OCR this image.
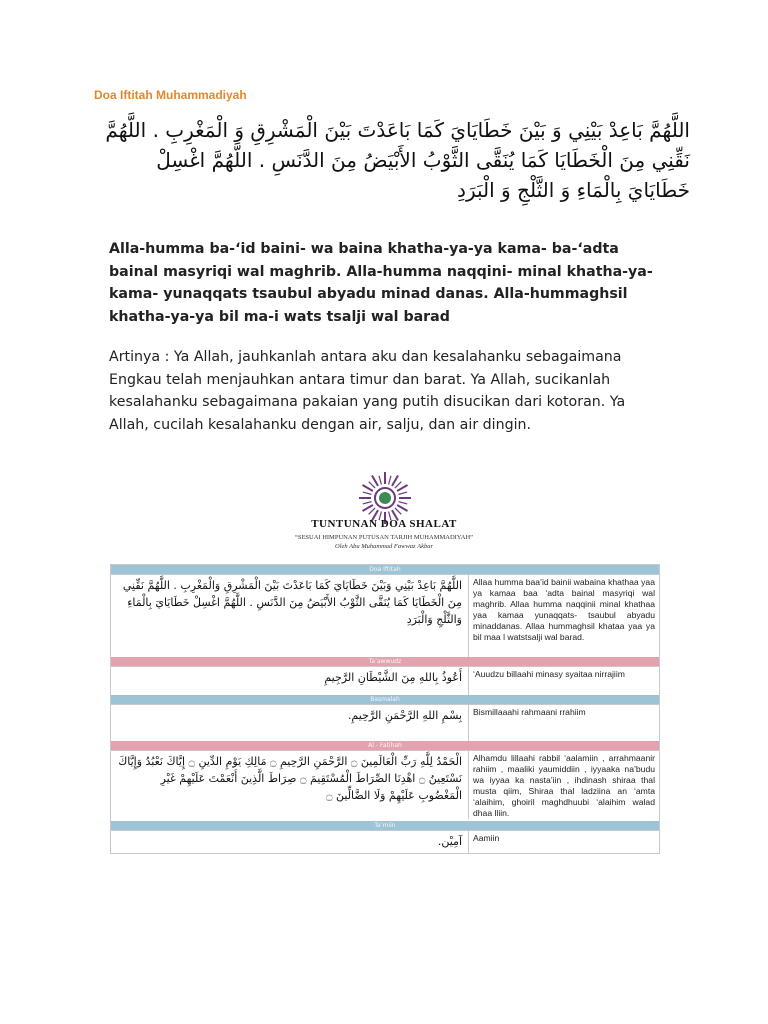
Doa Iftitah Muhammadiyah
اللَّهُمَّ بَاعِدْ بَيْنِي وَ بَيْنَ خَطَايَايَ كَمَا بَاعَدْتَ بَيْنَ الْمَشْرِقِ وَ الْمَغْرِبِ . اللَّهُمَّ نَقِّنِي مِنَ الْخَطَايَا كَمَا يُنَقَّى الثَّوْبُ الأَبْيَضُ مِنَ الدَّنَسِ . اللَّهُمَّ اغْسِلْ خَطَايَايَ بِالْمَاءِ وَ الثَّلْجِ وَ الْبَرَدِ
Alla-humma ba-‘id baini- wa baina khatha-ya-ya kama- ba-‘adta bainal masyriqi wal maghrib. Alla-humma naqqini- minal khatha-ya- kama- yunaqqats tsaubul abyadu minad danas. Alla-hummaghsil khatha-ya-ya bil ma-i wats tsalji wal barad
Artinya : Ya Allah, jauhkanlah antara aku dan kesalahanku sebagaimana Engkau telah menjauhkan antara timur dan barat. Ya Allah, sucikanlah kesalahanku sebagaimana pakaian yang putih disucikan dari kotoran. Ya Allah, cucilah kesalahanku dengan air, salju, dan air dingin.
TUNTUNAN DOA SHALAT
“SESUAI HIMPUNAN PUTUSAN TARJIH MUHAMMADIYAH”
Oleh Abu Muhammad Fawwaz Akbar
Doa Iftitah
اللَّهُمَّ بَاعِدْ بَيْنِي وَبَيْنَ خَطَايَايَ كَمَا بَاعَدْتَ بَيْنَ الْمَشْرِقِ وَالْمَغْرِبِ . اللَّهُمَّ نَقِّنِي مِنَ الْخَطَايَا كَمَا يُنَقَّى الثَّوْبُ الأَبْيَضُ مِنَ الدَّنَسِ . اللَّهُمَّ اغْسِلْ خَطَايَايَ بِالْمَاءِ وَالثَّلْجِ وَالْبَرَدِ
Allaa humma baa’id bainii wabaina khathaa yaa ya kamaa baa ‘adta bainal masyriqi wal maghrib. Allaa humma naqqinii minal khathaa yaa kamaa yunaqqats- tsaubul abyadu minaddanas. Allaa hummaghsil khataa yaa ya bil maa l watstsalji wal barad.
Ta’awwudz
أَعُوذُ بِاللهِ مِنَ الشَّيْطَانِ الرَّجِيمِ	‘Auudzu billaahi minasy syaitaa nirrajiim
Basmalah
بِسْمِ اللهِ الرَّحْمَنِ الرَّحِيمِ.	Bismillaaahi rahmaani rrahiim
Al - Fatihah
الْحَمْدُ لِلَّهِ رَبِّ الْعَالَمِينَ ۝ الرَّحْمَنِ الرَّحِيمِ ۝ مَالِكِ يَوْمِ الدِّينِ ۝ إِيَّاكَ نَعْبُدُ وَإِيَّاكَ نَسْتَعِينُ ۝ اهْدِنَا الصِّرَاطَ الْمُسْتَقِيمَ ۝ صِرَاطَ الَّذِينَ أَنْعَمْتَ عَلَيْهِمْ غَيْرِ الْمَغْضُوبِ عَلَيْهِمْ وَلَا الضَّالِّينَ ۝
Alhamdu lillaahi rabbil ‘aalamiin , arrahmaanir rahiim , maaliki yaumiddiin , iyyaaka na’budu wa iyyaa ka nasta’iin , ihdinash shiraa thal musta qiim, Shiraa thal ladziina an ‘amta ‘alaihim, ghoiril maghdhuubi ‘alaihim walad dhaa lliin.
Ta’miin
آمِيْن.	Aamiin
